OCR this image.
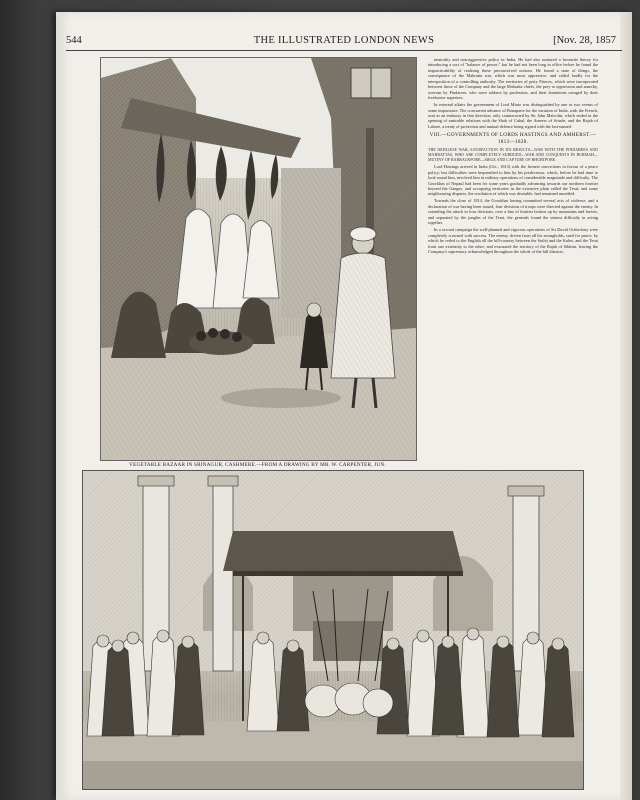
544	THE ILLUSTRATED LONDON NEWS	[Nov. 28, 1857
VEGETABLE BAZAAR IN SRINAGUR, CASHMERE.—FROM A DRAWING BY MR. W. CARPENTER, JUN.

neutrality and non-aggressive policy in India. He had also nurtured a favourite theory for introducing a sort of "balance of power;" but he had not been long in office before he found the impracticability of realising these preconceived notions. He found a state of things, the consequence of the Mahratta war, which was most oppressive, and called loudly for the interposition of a controlling authority. The territories of petty Princes, which were incorporated between those of the Company and the large Mahratta chiefs, the prey to oppression and anarchy, overrun by Pindarees, who were robbers by profession, and their dominions ravaged by their freebooter superiors.

In external affairs the government of Lord Minto was distinguished by one or two events of some importance. The concurrent advance of Bonaparte for the invasion of India, with the French, sent as an embassy in that direction, only counteracted by Sir John Malcolm, which ended in the opening of amicable relations with the Shah of Cabul, the Ameers of Scinde, and the Rajah of Lahore, a treaty of protection and mutual defence being signed with the last-named.

VIII.—GOVERNMENTS OF LORDS HASTINGS AND AMHERST.—1813—1828.
THE NEPALESE WAR; SATISFACTION IN ITS RESULTS—WAR WITH THE PINDAREES AND MAHRATTAS, WHO ARE COMPLETELY SUBDUED—WAR AND CONQUESTS IN BURMAH—MUTINY OF BARRACKPORE—SIEGE AND CAPTURE OF BHURTPORE.

Lord Hastings arrived in India (Oct., 1813) with the firmest convictions in favour of a peace policy; but difficulties were bequeathed to him by his predecessor, which, before he had time to look round him, involved him in military operations of considerable magnitude and difficulty. The Goorkhas of Nepaul had been for some years gradually advancing towards our northern frontier beyond the Ganges, and occupying territories in the extensive plain called the Terai; and some neighbouring disputes, the resolution of which was desirable, had remained unsettled.

Towards the close of 1814, the Goorkhas having committed several acts of violence, and a declaration of war having been issued, four divisions of troops were directed against the enemy. In extending the attack in four divisions, over a line of frontier broken up by mountains and forests, and separated by the jungles of the Terai, the generals found the utmost difficulty in acting together.

In a second campaign the well-planned and vigorous operations of Sir David Ochterlony were completely crowned with success. The enemy, driven from all his strongholds, sued for peace; by which he ceded to the English all the hill-country between the Sutlej and the Kalee, and the Terai from one extremity to the other; and evacuated the territory of the Rajah of Sikkim, leaving the Company's supremacy acknowledged throughout the whole of the hill districts.
